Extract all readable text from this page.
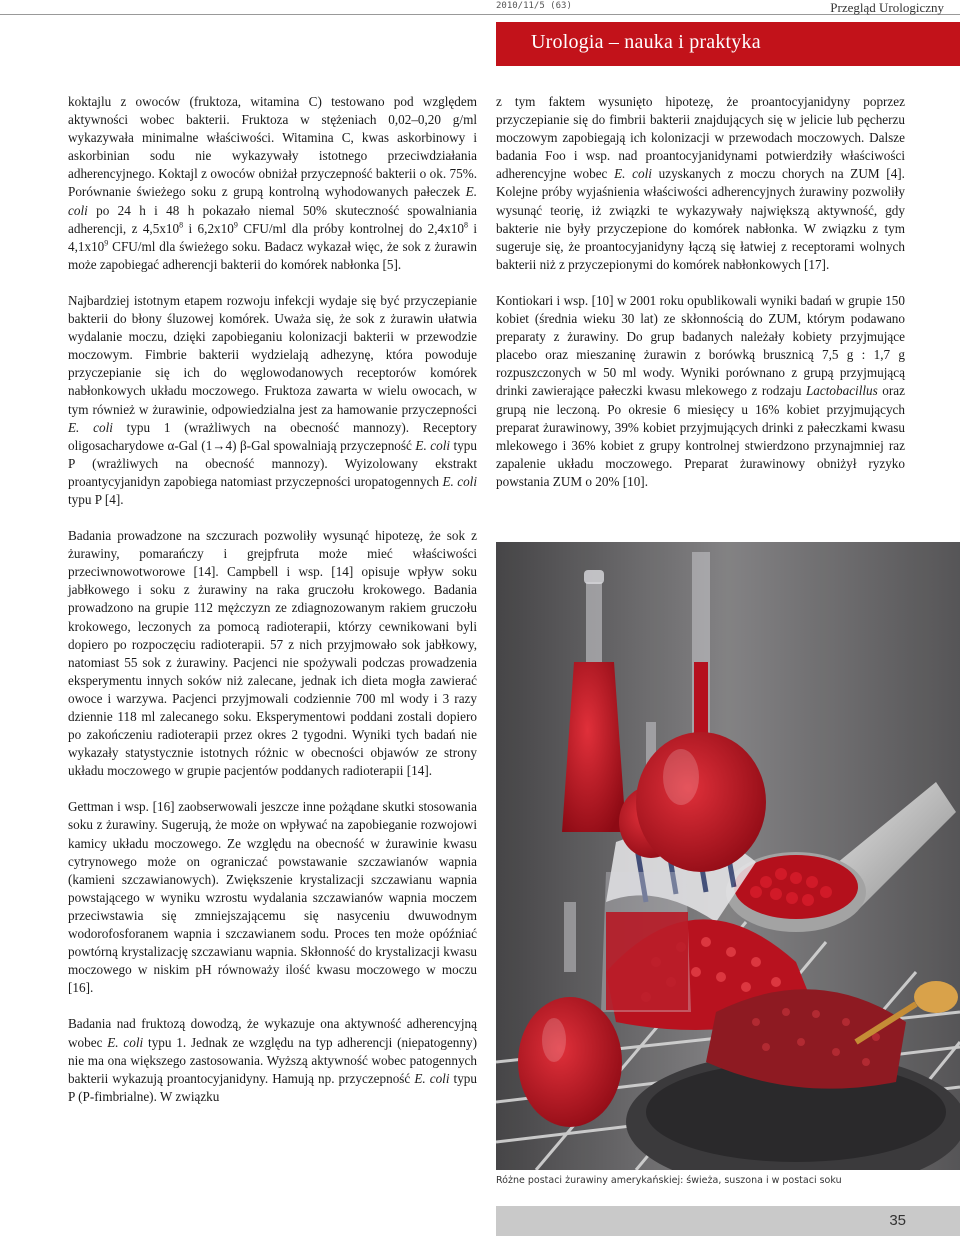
2010/11/5 (63)	Przegląd Urologiczny
Urologia – nauka i praktyka

koktajlu z owoców (fruktoza, witamina C) testowano pod względem aktywności wobec bakterii. Fruktoza w stężeniach 0,02–0,20 g/ml wykazywała minimalne właściwości. Witamina C, kwas askorbinowy i askorbinian sodu nie wykazywały istotnego przeciwdziałania adherencyjnego. Koktajl z owoców obniżał przyczepność bakterii o ok. 75%. Porównanie świeżego soku z grupą kontrolną wyhodowanych pałeczek E. coli po 24 h i 48 h pokazało niemal 50% skuteczność spowalniania adherencji, z $4,5x10^8$ i $6,2x10^9$ CFU/ml dla próby kontrolnej do $2,4x10^8$ i $4,1x10^9$ CFU/ml dla świeżego soku. Badacz wykazał więc, że sok z żurawin może zapobiegać adherencji bakterii do komórek nabłonka [5].

Najbardziej istotnym etapem rozwoju infekcji wydaje się być przyczepianie bakterii do błony śluzowej komórek. Uważa się, że sok z żurawin ułatwia wydalanie moczu, dzięki zapobieganiu kolonizacji bakterii w przewodzie moczowym. Fimbrie bakterii wydzielają adhezynę, która powoduje przyczepianie się ich do węglowodanowych receptorów komórek nabłonkowych układu moczowego. Fruktoza zawarta w wielu owocach, w tym również w żurawinie, odpowiedzialna jest za hamowanie przyczepności E. coli typu 1 (wrażliwych na obecność mannozy). Receptory oligosacharydowe α-Gal (1→4) β-Gal spowalniają przyczepność E. coli typu P (wrażliwych na obecność mannozy). Wyizolowany ekstrakt proantycyjanidyn zapobiega natomiast przyczepności uropatogennych E. coli typu P [4].

Badania prowadzone na szczurach pozwoliły wysunąć hipotezę, że sok z żurawiny, pomarańczy i grejpfruta może mieć właściwości przeciwnowotworowe [14]. Campbell i wsp. [14] opisuje wpływ soku jabłkowego i soku z żurawiny na raka gruczołu krokowego. Badania prowadzono na grupie 112 mężczyzn ze zdiagnozowanym rakiem gruczołu krokowego, leczonych za pomocą radioterapii, którzy cewnikowani byli dopiero po rozpoczęciu radioterapii. 57 z nich przyjmowało sok jabłkowy, natomiast 55 sok z żurawiny. Pacjenci nie spożywali podczas prowadzenia eksperymentu innych soków niż zalecane, jednak ich dieta mogła zawierać owoce i warzywa. Pacjenci przyjmowali codziennie 700 ml wody i 3 razy dziennie 118 ml zalecanego soku. Eksperymentowi poddani zostali dopiero po zakończeniu radioterapii przez okres 2 tygodni. Wyniki tych badań nie wykazały statystycznie istotnych różnic w obecności objawów ze strony układu moczowego w grupie pacjentów poddanych radioterapii [14].

Gettman i wsp. [16] zaobserwowali jeszcze inne pożądane skutki stosowania soku z żurawiny. Sugerują, że może on wpływać na zapobieganie rozwojowi kamicy układu moczowego. Ze względu na obecność w żurawinie kwasu cytrynowego może on ograniczać powstawanie szczawianów wapnia (kamieni szczawianowych). Zwiększenie krystalizacji szczawianu wapnia powstającego w wyniku wzrostu wydalania szczawianów wapnia moczem przeciwstawia się zmniejszającemu się nasyceniu dwuwodnym wodorofosforanem wapnia i szczawianem sodu. Proces ten może opóźniać powtórną krystalizację szczawianu wapnia. Skłonność do krystalizacji kwasu moczowego w niskim pH równoważy ilość kwasu moczowego w moczu [16].

Badania nad fruktozą dowodzą, że wykazuje ona aktywność adherencyjną wobec E. coli typu 1. Jednak ze względu na typ adherencji (niepatogenny) nie ma ona większego zastosowania. Wyższą aktywność wobec patogennych bakterii wykazują proantocyjanidyny. Hamują np. przyczepność E. coli typu P (P-fimbrialne). W związku

z tym faktem wysunięto hipotezę, że proantocyjanidyny poprzez przyczepianie się do fimbrii bakterii znajdujących się w jelicie lub pęcherzu moczowym zapobiegają ich kolonizacji w przewodach moczowych. Dalsze badania Foo i wsp. nad proantocyjanidynami potwierdziły właściwości adherencyjne wobec E. coli uzyskanych z moczu chorych na ZUM [4]. Kolejne próby wyjaśnienia właściwości adherencyjnych żurawiny pozwoliły wysunąć teorię, iż związki te wykazywały największą aktywność, gdy bakterie nie były przyczepione do komórek nabłonka. W związku z tym sugeruje się, że proantocyjanidyny łączą się łatwiej z receptorami wolnych bakterii niż z przyczepionymi do komórek nabłonkowych [17].

Kontiokari i wsp. [10] w 2001 roku opublikowali wyniki badań w grupie 150 kobiet (średnia wieku 30 lat) ze skłonnością do ZUM, którym podawano preparaty z żurawiny. Do grup badanych należały kobiety przyjmujące placebo oraz mieszaninę żurawin z borówką brusznicą 7,5 g : 1,7 g rozpuszczonych w 50 ml wody. Wyniki porównano z grupą przyjmującą drinki zawierające pałeczki kwasu mlekowego z rodzaju Lactobacillus oraz grupą nie leczoną. Po okresie 6 miesięcy u 16% kobiet przyjmujących preparat żurawinowy, 39% kobiet przyjmujących drinki z pałeczkami kwasu mlekowego i 36% kobiet z grupy kontrolnej stwierdzono przynajmniej raz zapalenie układu moczowego. Preparat żurawinowy obniżył ryzyko powstania ZUM o 20% [10].

Różne postaci żurawiny amerykańskiej: świeża, suszona i w postaci soku
35
